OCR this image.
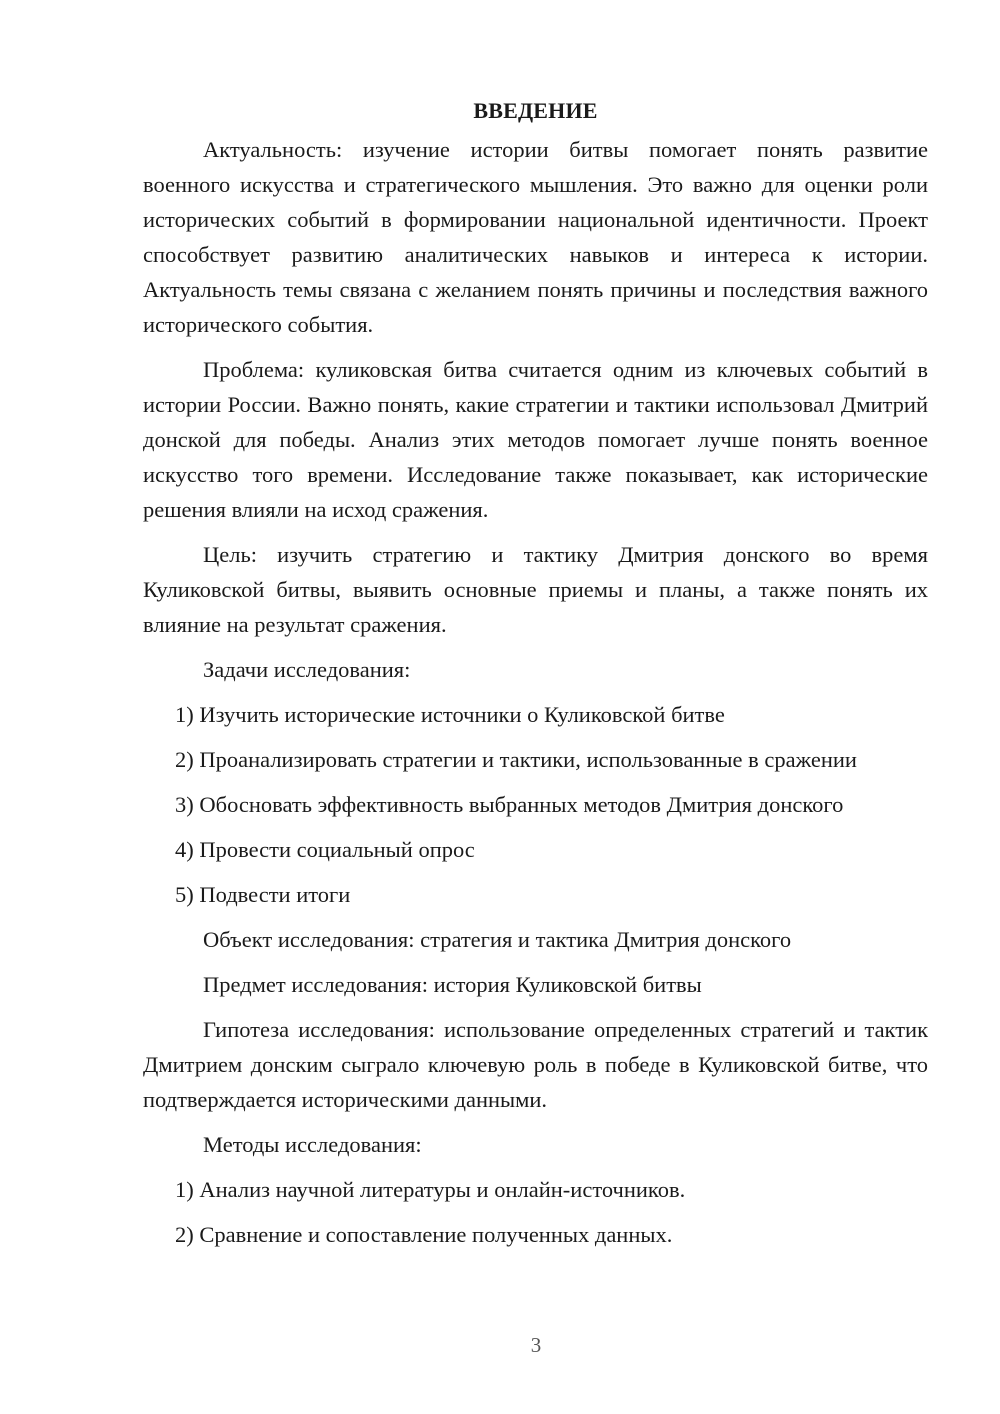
ВВЕДЕНИЕ

Актуальность: изучение истории битвы помогает понять развитие военного искусства и стратегического мышления. Это важно для оценки роли исторических событий в формировании национальной идентичности. Проект способствует развитию аналитических навыков и интереса к истории. Актуальность темы связана с желанием понять причины и последствия важного исторического события.

Проблема: куликовская битва считается одним из ключевых событий в истории России. Важно понять, какие стратегии и тактики использовал Дмитрий донской для победы. Анализ этих методов помогает лучше понять военное искусство того времени. Исследование также показывает, как исторические решения влияли на исход сражения.

Цель: изучить стратегию и тактику Дмитрия донского во время Куликовской битвы, выявить основные приемы и планы, а также понять их влияние на результат сражения.

Задачи исследования:
1) Изучить исторические источники о Куликовской битве

2) Проанализировать стратегии и тактики, использованные в сражении

3) Обосновать эффективность выбранных методов Дмитрия донского
4) Провести социальный опрос
5) Подвести итоги
Объект исследования: стратегия и тактика Дмитрия донского
Предмет исследования: история Куликовской битвы

Гипотеза исследования: использование определенных стратегий и тактик Дмитрием донским сыграло ключевую роль в победе в Куликовской битве, что подтверждается историческими данными.

Методы исследования:
1) Анализ научной литературы и онлайн-источников.
2) Сравнение и сопоставление полученных данных.
3
